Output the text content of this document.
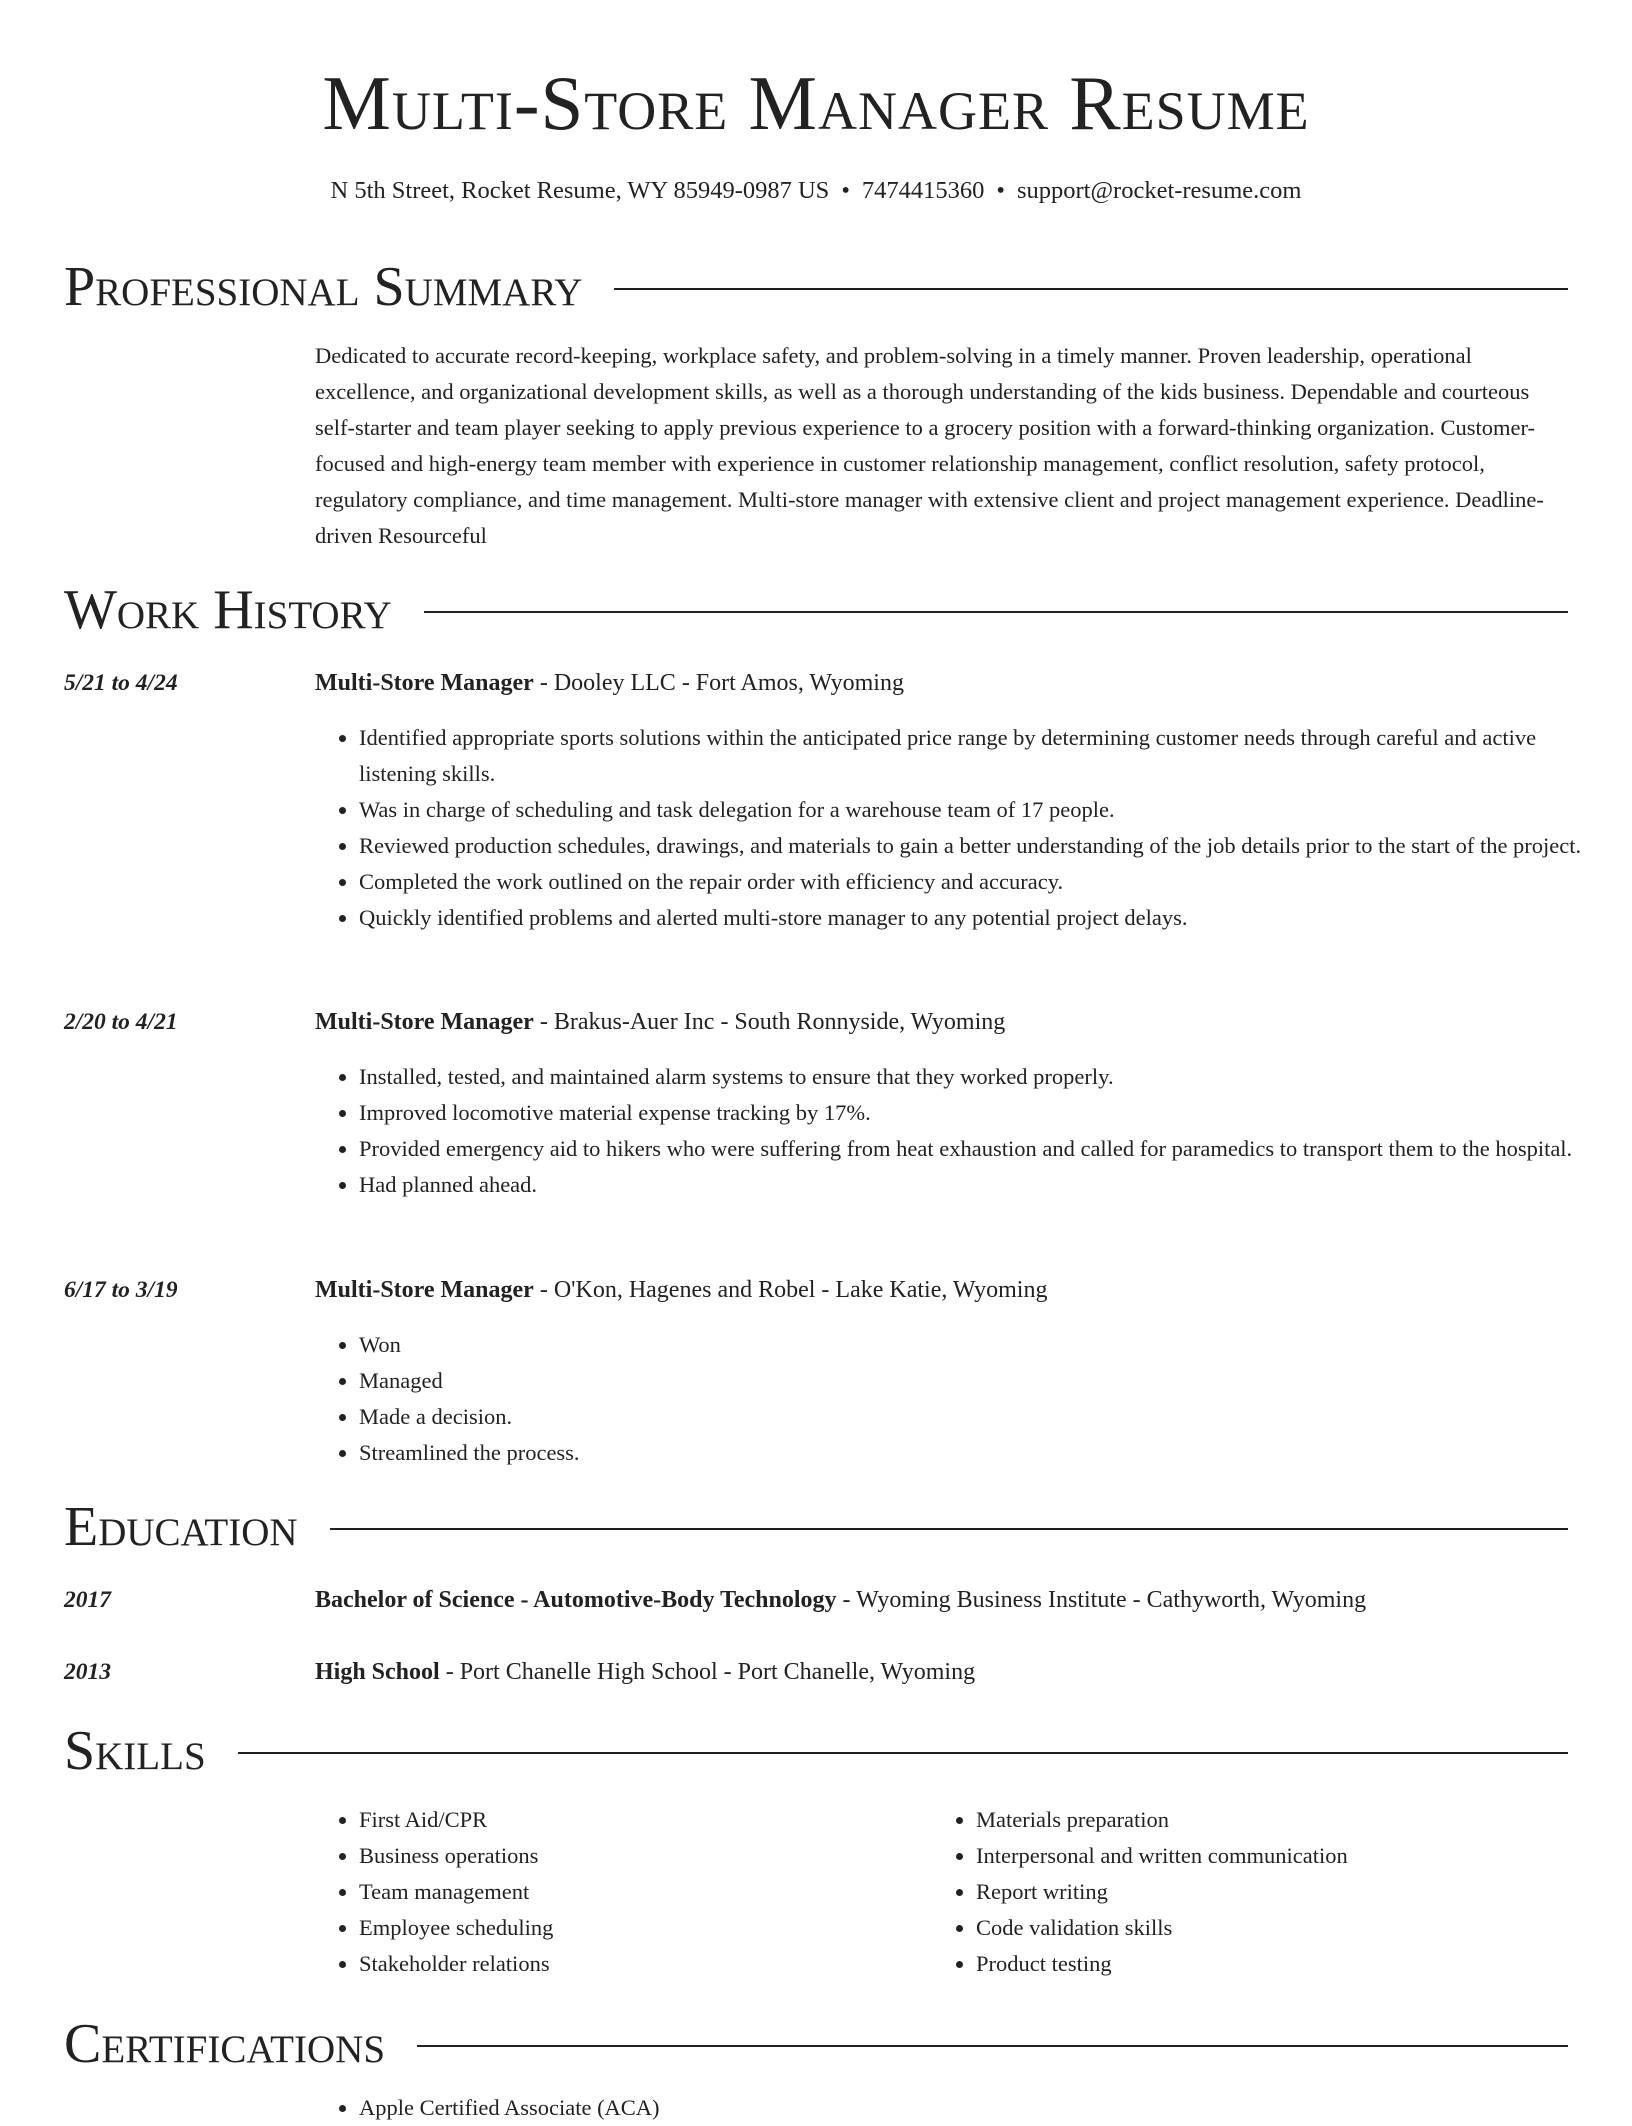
Multi-Store Manager Resume
N 5th Street, Rocket Resume, WY 85949-0987 US • 7474415360 • support@rocket-resume.com
Professional Summary
Dedicated to accurate record-keeping, workplace safety, and problem-solving in a timely manner. Proven leadership, operational excellence, and organizational development skills, as well as a thorough understanding of the kids business. Dependable and courteous self-starter and team player seeking to apply previous experience to a grocery position with a forward-thinking organization. Customer-focused and high-energy team member with experience in customer relationship management, conflict resolution, safety protocol, regulatory compliance, and time management. Multi-store manager with extensive client and project management experience. Deadline-driven Resourceful
Work History
5/21 to 4/24	Multi-Store Manager - Dooley LLC - Fort Amos, Wyoming
• Identified appropriate sports solutions within the anticipated price range by determining customer needs through careful and active listening skills.
• Was in charge of scheduling and task delegation for a warehouse team of 17 people.
• Reviewed production schedules, drawings, and materials to gain a better understanding of the job details prior to the start of the project.
• Completed the work outlined on the repair order with efficiency and accuracy.
• Quickly identified problems and alerted multi-store manager to any potential project delays.
2/20 to 4/21	Multi-Store Manager - Brakus-Auer Inc - South Ronnyside, Wyoming
• Installed, tested, and maintained alarm systems to ensure that they worked properly.
• Improved locomotive material expense tracking by 17%.
• Provided emergency aid to hikers who were suffering from heat exhaustion and called for paramedics to transport them to the hospital.
• Had planned ahead.
6/17 to 3/19	Multi-Store Manager - O'Kon, Hagenes and Robel - Lake Katie, Wyoming
• Won
• Managed
• Made a decision.
• Streamlined the process.
Education
2017	Bachelor of Science - Automotive-Body Technology - Wyoming Business Institute - Cathyworth, Wyoming
2013	High School - Port Chanelle High School - Port Chanelle, Wyoming
Skills
• First Aid/CPR
• Business operations
• Team management
• Employee scheduling
• Stakeholder relations
• Materials preparation
• Interpersonal and written communication
• Report writing
• Code validation skills
• Product testing
Certifications
• Apple Certified Associate (ACA)
